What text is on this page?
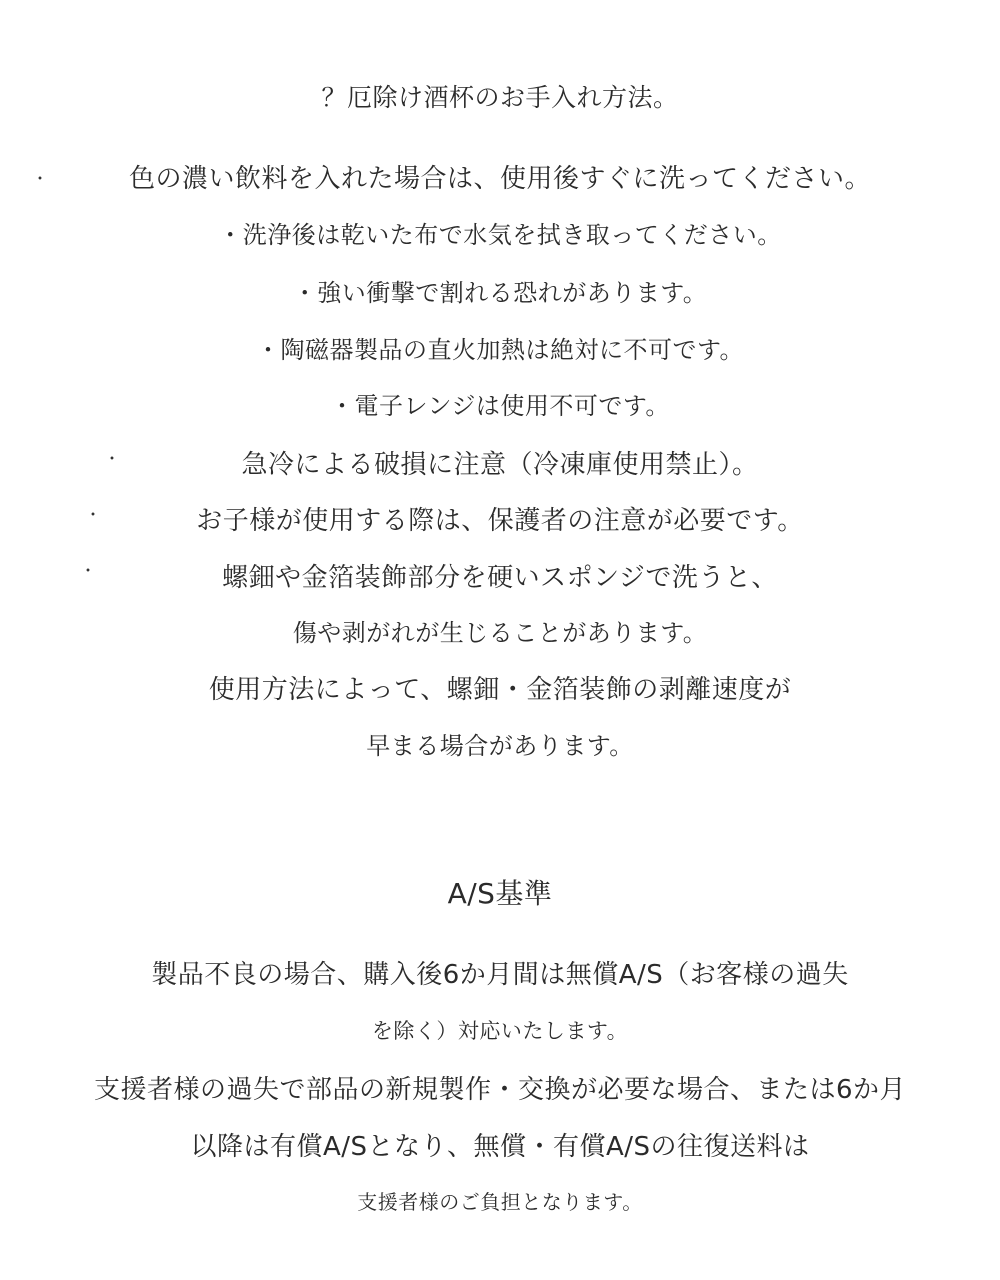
？厄除け酒杯のお手入れ方法。
・	色の濃い飲料を入れた場合は、使用後すぐに洗ってください。
・洗浄後は乾いた布で水気を拭き取ってください。
・強い衝撃で割れる恐れがあります。
・陶磁器製品の直火加熱は絶対に不可です。
・電子レンジは使用不可です。
・	急冷による破損に注意（冷凍庫使用禁止）。
・	お子様が使用する際は、保護者の注意が必要です。
・	螺鈿や金箔装飾部分を硬いスポンジで洗うと、
傷や剥がれが生じることがあります。
使用方法によって、螺鈿・金箔装飾の剥離速度が
早まる場合があります。
A/S基準
製品不良の場合、購入後6か月間は無償A/S（お客様の過失
を除く）対応いたします。
支援者様の過失で部品の新規製作・交換が必要な場合、または6か月
以降は有償A/Sとなり、無償・有償A/Sの往復送料は
支援者様のご負担となります。
